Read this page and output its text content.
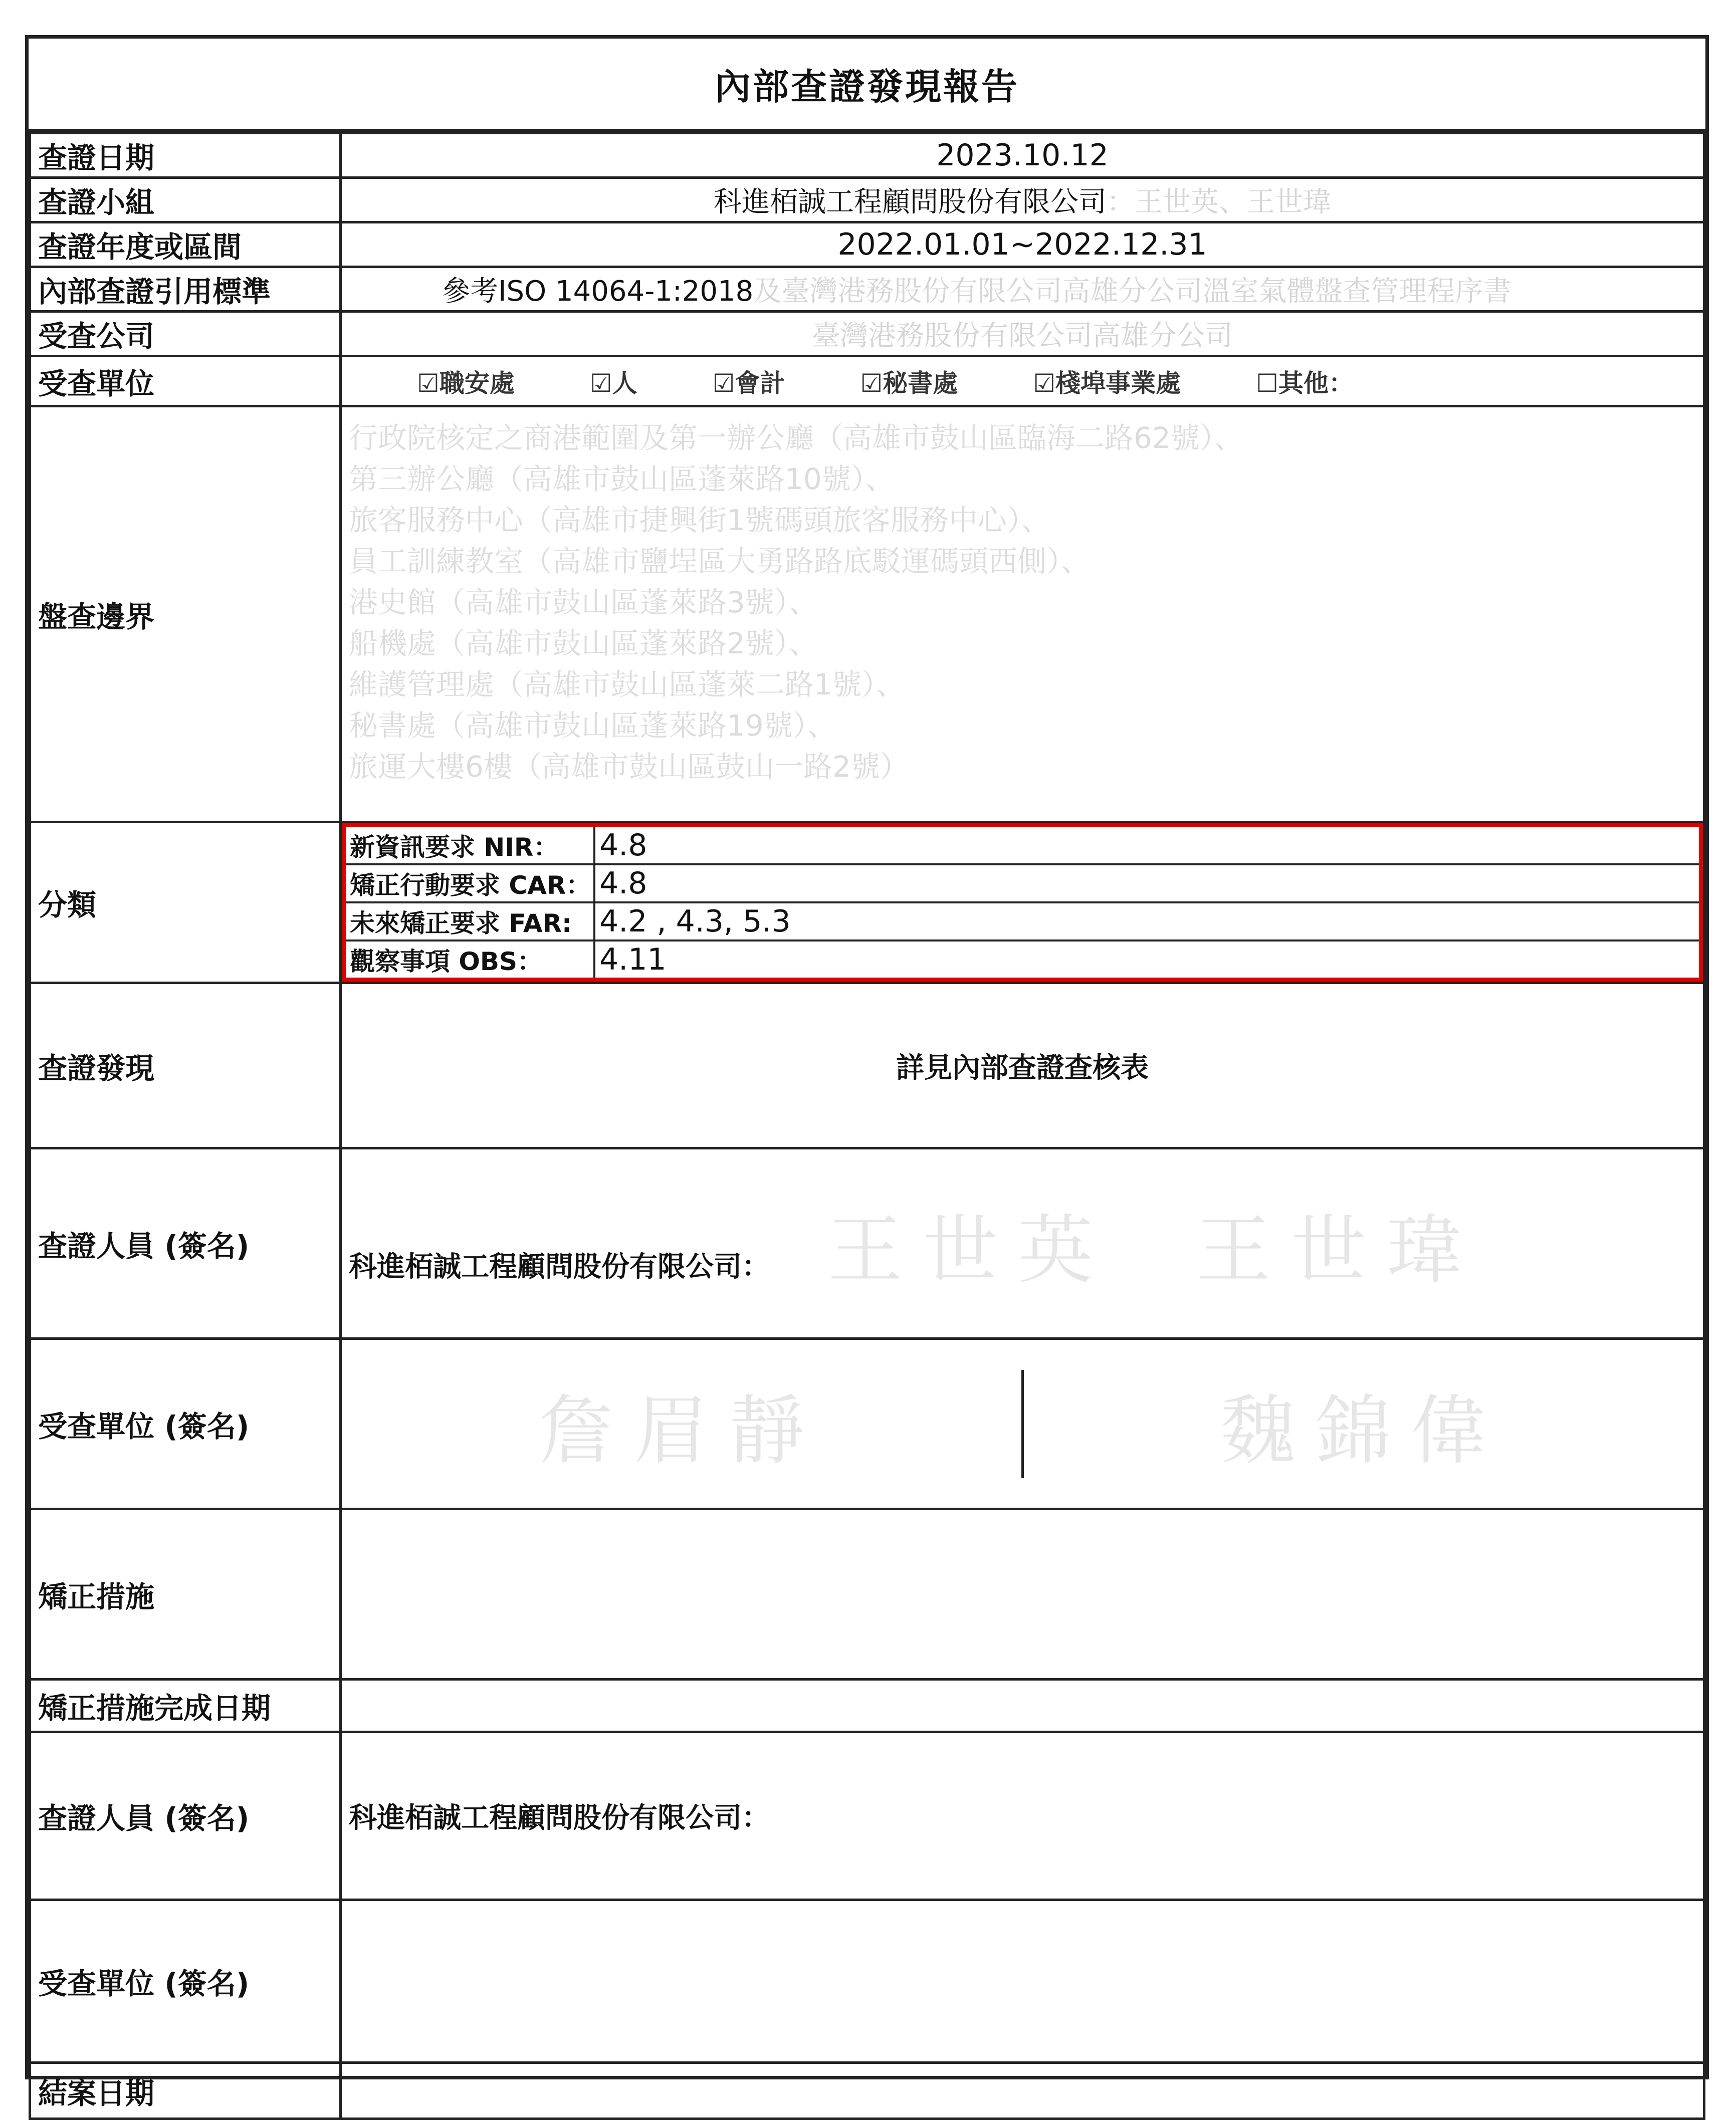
內部查證發現報告
查證日期	2023.10.12
查證小組	科進栢誠工程顧問股份有限公司：王世英、王世瑋
查證年度或區間	2022.01.01~2022.12.31
內部查證引用標準	參考ISO 14064-1:2018及臺灣港務股份有限公司高雄分公司溫室氣體盤查管理程序書
受查公司	臺灣港務股份有限公司高雄分公司
受查單位	☑職安處	☑人	☑會計	☑秘書處	☑棧埠事業處	☐其他：

盤查邊界	
行政院核定之商港範圍及第一辦公廳（高雄市鼓山區臨海二路62號）、
第三辦公廳（高雄市鼓山區蓬萊路10號）、
旅客服務中心（高雄市捷興街1號碼頭旅客服務中心）、
員工訓練教室（高雄市鹽埕區大勇路路底駁運碼頭西側）、
港史館（高雄市鼓山區蓬萊路3號）、
船機處（高雄市鼓山區蓬萊路2號）、
維護管理處（高雄市鼓山區蓬萊二路1號）、
秘書處（高雄市鼓山區蓬萊路19號）、
旅運大樓6樓（高雄市鼓山區鼓山一路2號）

分類	
新資訊要求 NIR：	4.8
矯正行動要求 CAR：	4.8
未來矯正要求 FAR:	4.2 , 4.3, 5.3
觀察事項 OBS：	4.11

查證發現	詳見內部查證查核表
查證人員 (簽名)	科進栢誠工程顧問股份有限公司： 王世英 王世瑋
受查單位 (簽名)	詹眉靜	魏錦偉

矯正措施	
矯正措施完成日期	
查證人員 (簽名)	科進栢誠工程顧問股份有限公司：
受查單位 (簽名)	

結案日期	
